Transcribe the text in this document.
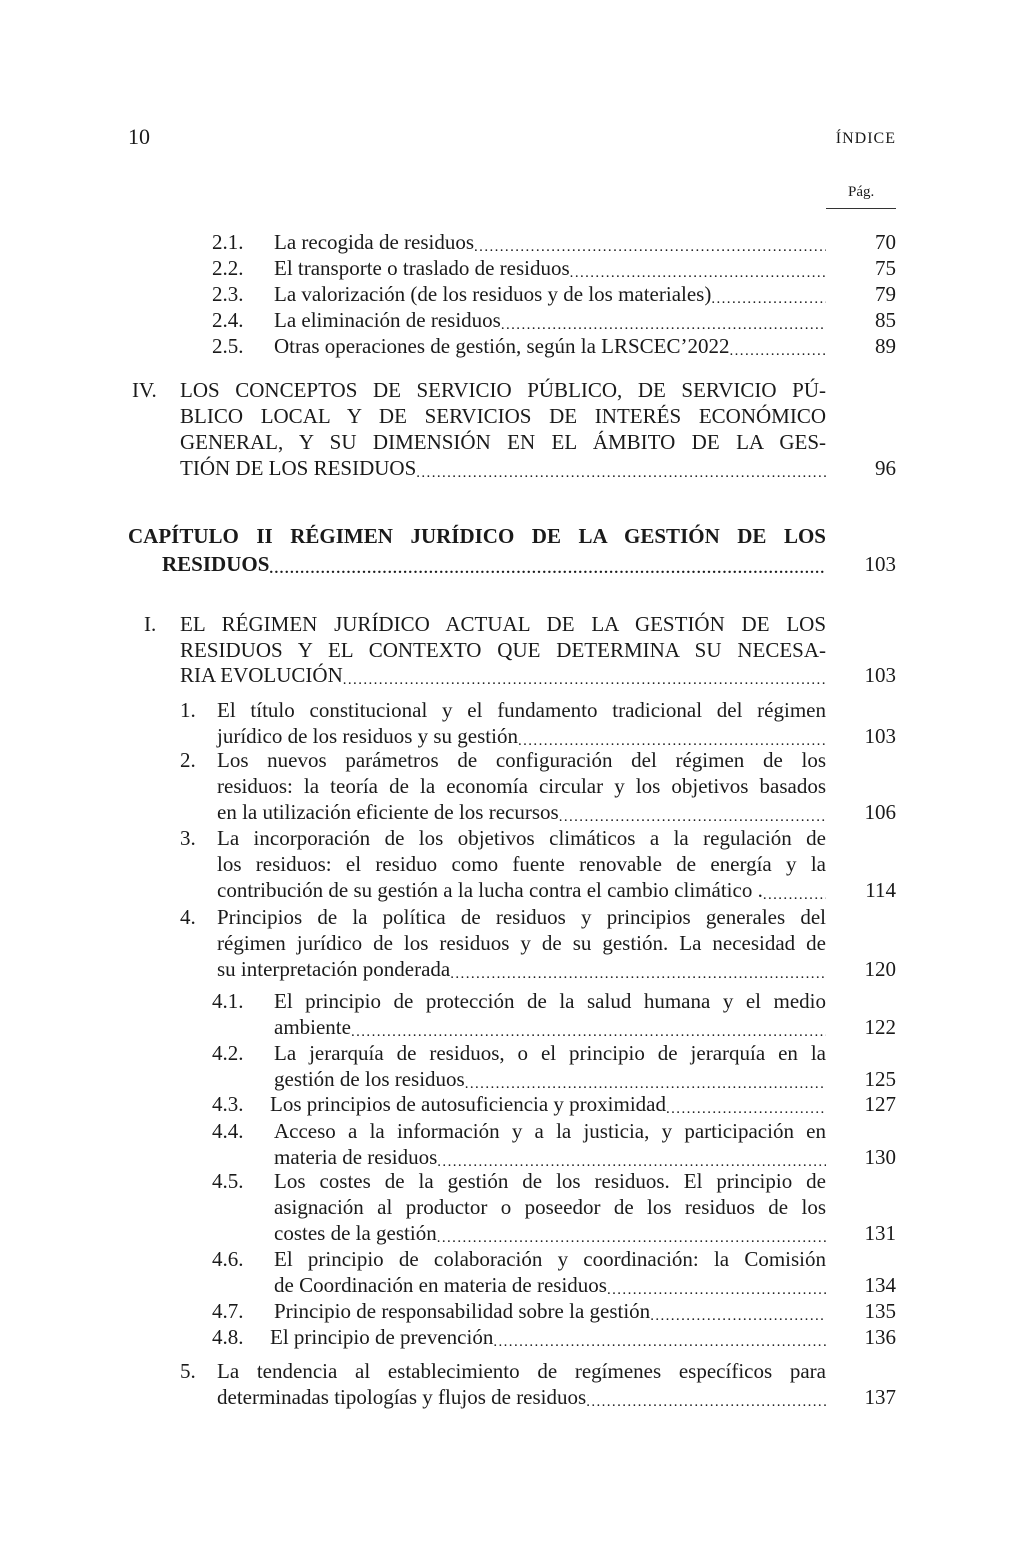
10	ÍNDICE
Pág.
2.1. La recogida de residuos .....	70
2.2. El transporte o traslado de residuos .....	75
2.3. La valorización (de los residuos y de los materiales) .....	79
2.4. La eliminación de residuos .....	85
2.5. Otras operaciones de gestión, según la LRSCEC’2022 .....	89
IV. LOS CONCEPTOS DE SERVICIO PÚBLICO, DE SERVICIO PÚ-
BLICO LOCAL Y DE SERVICIOS DE INTERÉS ECONÓMICO
GENERAL, Y SU DIMENSIÓN EN EL ÁMBITO DE LA GES-
TIÓN DE LOS RESIDUOS .....	96
CAPÍTULO II RÉGIMEN JURÍDICO DE LA GESTIÓN DE LOS
RESIDUOS .....	103
I. EL RÉGIMEN JURÍDICO ACTUAL DE LA GESTIÓN DE LOS
RESIDUOS Y EL CONTEXTO QUE DETERMINA SU NECESA-
RIA EVOLUCIÓN .....	103
1. El título constitucional y el fundamento tradicional del régimen
jurídico de los residuos y su gestión .....	103
2. Los nuevos parámetros de configuración del régimen de los
residuos: la teoría de la economía circular y los objetivos basados
en la utilización eficiente de los recursos .....	106
3. La incorporación de los objetivos climáticos a la regulación de
los residuos: el residuo como fuente renovable de energía y la
contribución de su gestión a la lucha contra el cambio climático . .....	114
4. Principios de la política de residuos y principios generales del
régimen jurídico de los residuos y de su gestión. La necesidad de
su interpretación ponderada .....	120
4.1. El principio de protección de la salud humana y el medio
ambiente .....	122
4.2. La jerarquía de residuos, o el principio de jerarquía en la
gestión de los residuos .....	125
4.3. Los principios de autosuficiencia y proximidad .....	127
4.4. Acceso a la información y a la justicia, y participación en
materia de residuos .....	130
4.5. Los costes de la gestión de los residuos. El principio de
asignación al productor o poseedor de los residuos de los
costes de la gestión .....	131
4.6. El principio de colaboración y coordinación: la Comisión
de Coordinación en materia de residuos .....	134
4.7. Principio de responsabilidad sobre la gestión .....	135
4.8. El principio de prevención .....	136
5. La tendencia al establecimiento de regímenes específicos para
determinadas tipologías y flujos de residuos .....	137
